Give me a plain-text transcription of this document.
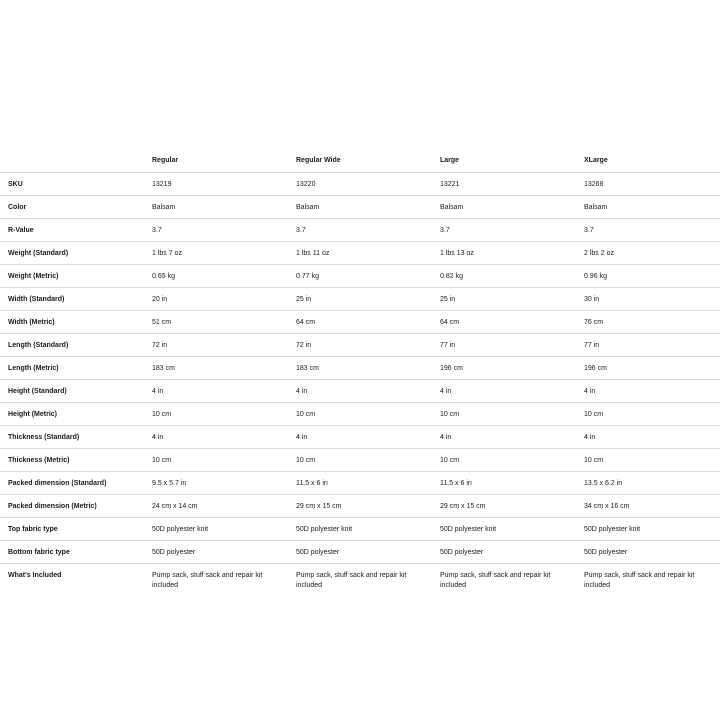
	Regular	Regular Wide	Large	XLarge
SKU	13219	13220	13221	13268
Color	Balsam	Balsam	Balsam	Balsam
R-Value	3.7	3.7	3.7	3.7
Weight (Standard)	1 lbs 7 oz	1 lbs 11 oz	1 lbs 13 oz	2 lbs 2 oz
Weight (Metric)	0.65 kg	0.77 kg	0.82 kg	0.96 kg
Width (Standard)	20 in	25 in	25 in	30 in
Width (Metric)	51 cm	64 cm	64 cm	76 cm
Length (Standard)	72 in	72 in	77 in	77 in
Length (Metric)	183 cm	183 cm	196 cm	196 cm
Height (Standard)	4 in	4 in	4 in	4 in
Height (Metric)	10 cm	10 cm	10 cm	10 cm
Thickness (Standard)	4 in	4 in	4 in	4 in
Thickness (Metric)	10 cm	10 cm	10 cm	10 cm
Packed dimension (Standard)	9.5 x 5.7 in	11.5 x 6 in	11.5 x 6 in	13.5 x 6.2 in
Packed dimension (Metric)	24 cm x 14 cm	29 cm x 15 cm	29 cm x 15 cm	34 cm x 16 cm
Top fabric type	50D polyester knit	50D polyester knit	50D polyester knit	50D polyester knit
Bottom fabric type	50D polyester	50D polyester	50D polyester	50D polyester
What's Included	Pump sack, stuff sack and repair kit included	Pump sack, stuff sack and repair kit included	Pump sack, stuff sack and repair kit included	Pump sack, stuff sack and repair kit included
